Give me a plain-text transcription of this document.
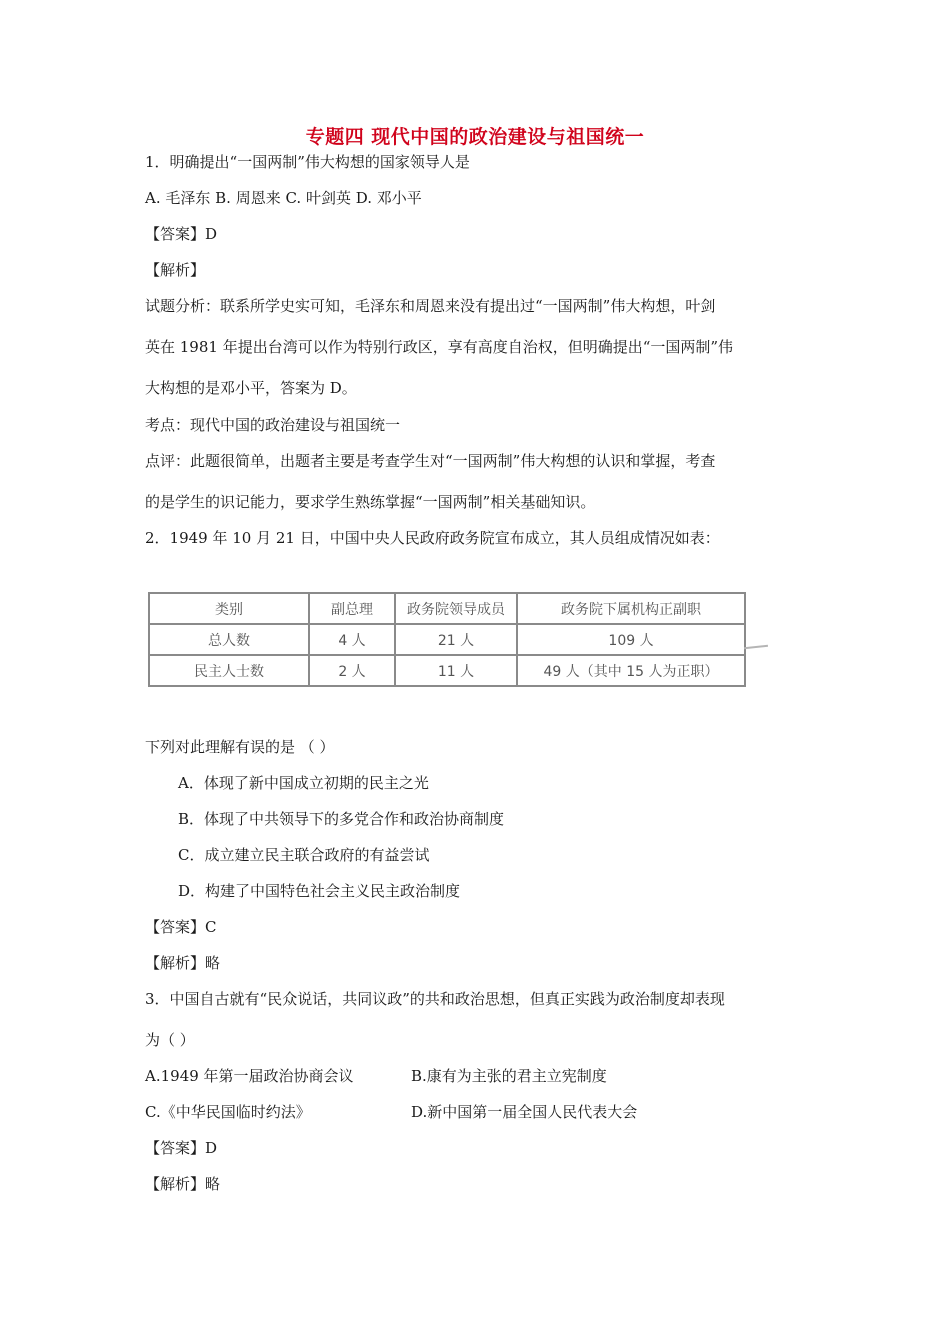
专题四 现代中国的政治建设与祖国统一
1．明确提出“一国两制”伟大构想的国家领导人是
A. 毛泽东 B. 周恩来 C. 叶剑英 D. 邓小平
【答案】D
【解析】
试题分析：联系所学史实可知，毛泽东和周恩来没有提出过“一国两制”伟大构想，叶剑
英在 1981 年提出台湾可以作为特别行政区，享有高度自治权，但明确提出“一国两制”伟
大构想的是邓小平，答案为 D。
考点：现代中国的政治建设与祖国统一
点评：此题很简单，出题者主要是考查学生对“一国两制”伟大构想的认识和掌握，考查
的是学生的识记能力，要求学生熟练掌握“一国两制”相关基础知识。
2．1949 年 10 月 21 日，中国中央人民政府政务院宣布成立，其人员组成情况如表：
类别	副总理	政务院领导成员	政务院下属机构正副职
总人数	4 人	21 人	109 人
民主人士数	2 人	11 人	49 人（其中 15 人为正职）
下列对此理解有误的是 （ ）
A．体现了新中国成立初期的民主之光
B．体现了中共领导下的多党合作和政治协商制度
C．成立建立民主联合政府的有益尝试
D．构建了中国特色社会主义民主政治制度
【答案】C
【解析】略
3．中国自古就有“民众说话，共同议政”的共和政治思想，但真正实践为政治制度却表现
为（ ）
A.1949 年第一届政治协商会议	B.康有为主张的君主立宪制度
C.《中华民国临时约法》	D.新中国第一届全国人民代表大会
【答案】D
【解析】略
